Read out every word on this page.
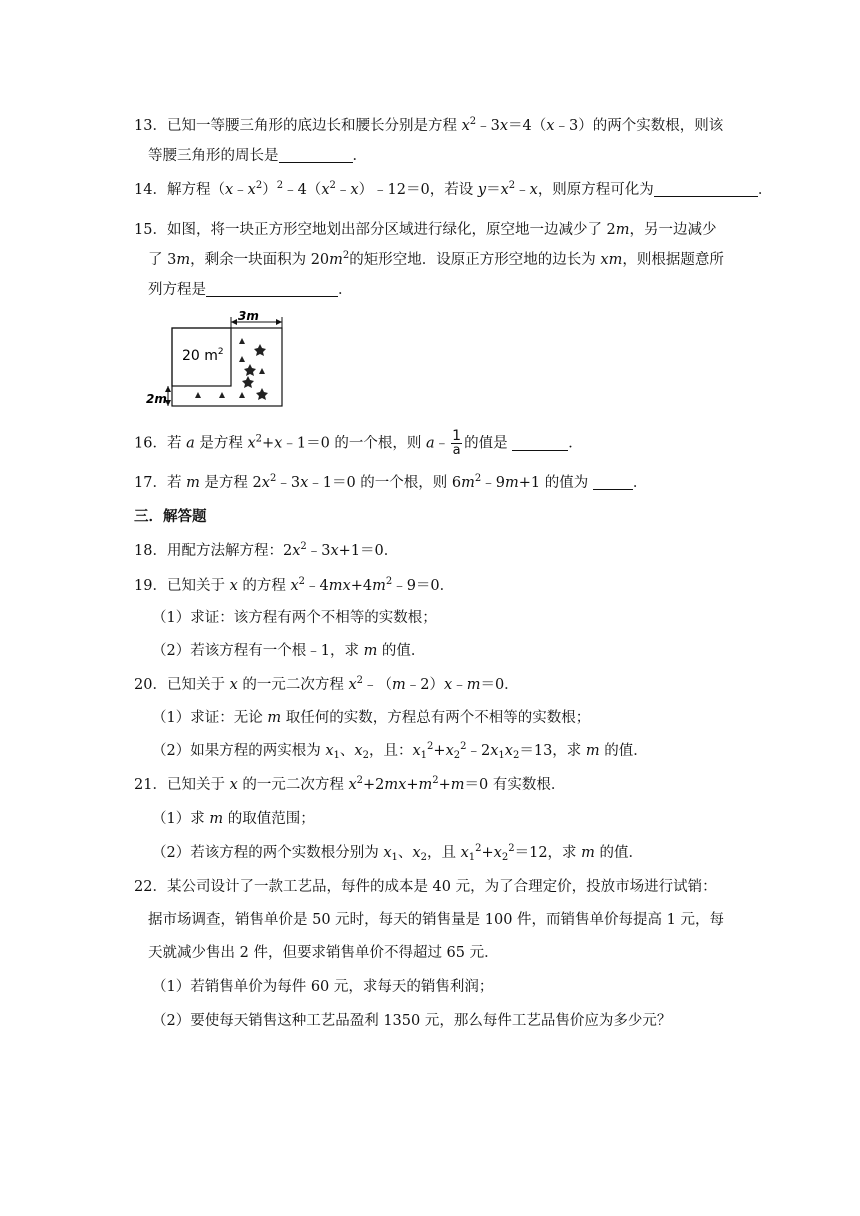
13．已知一等腰三角形的底边长和腰长分别是方程 $x^2﹣3x=4(x﹣3)$的两个实数根，则该
等腰三角形的周长是	．
14．解方程$(x﹣x^2)^2﹣4(x^2﹣x)﹣12=0$，若设 $y=x^2﹣x$，则原方程可化为	．
15．如图，将一块正方形空地划出部分区域进行绿化，原空地一边减少了 2m，另一边减少
了 3m，剩余一块面积为 $20m^2$的矩形空地．设原正方形空地的边长为 xm，则根据题意所
列方程是	．
3m
20 $m^2$
2m
16．若 a 是方程 $x^2+x﹣1=0$ 的一个根，则 a﹣ $\frac{1}{a}$ 的值是	．
17．若 m 是方程 $2x^2﹣3x﹣1=0$ 的一个根，则 $6m^2﹣9m+1$ 的值为	．
三．解答题
18．用配方法解方程：$2x^2﹣3x+1=0$．
19．已知关于 x 的方程 $x^2﹣4mx+4m^2﹣9=0$．
（1）求证：该方程有两个不相等的实数根；
（2）若该方程有一个根﹣1，求 m 的值．
20．已知关于 x 的一元二次方程 $x^2﹣(m﹣2)x﹣m=0$．
（1）求证：无论 m 取任何的实数，方程总有两个不相等的实数根；
（2）如果方程的两实根为 $x_1$、$x_2$，且：$x_1^2+x_2^2﹣2x_1x_2=13$，求 m 的值．
21．已知关于 x 的一元二次方程 $x^2+2mx+m^2+m=0$ 有实数根．
（1）求 m 的取值范围；
（2）若该方程的两个实数根分别为 $x_1$、$x_2$，且 $x_1^2+x_2^2=12$，求 m 的值．
22．某公司设计了一款工艺品，每件的成本是 40 元，为了合理定价，投放市场进行试销：
据市场调查，销售单价是 50 元时，每天的销售量是 100 件，而销售单价每提高 1 元，每
天就减少售出 2 件，但要求销售单价不得超过 65 元．
（1）若销售单价为每件 60 元，求每天的销售利润；
（2）要使每天销售这种工艺品盈利 1350 元，那么每件工艺品售价应为多少元？
